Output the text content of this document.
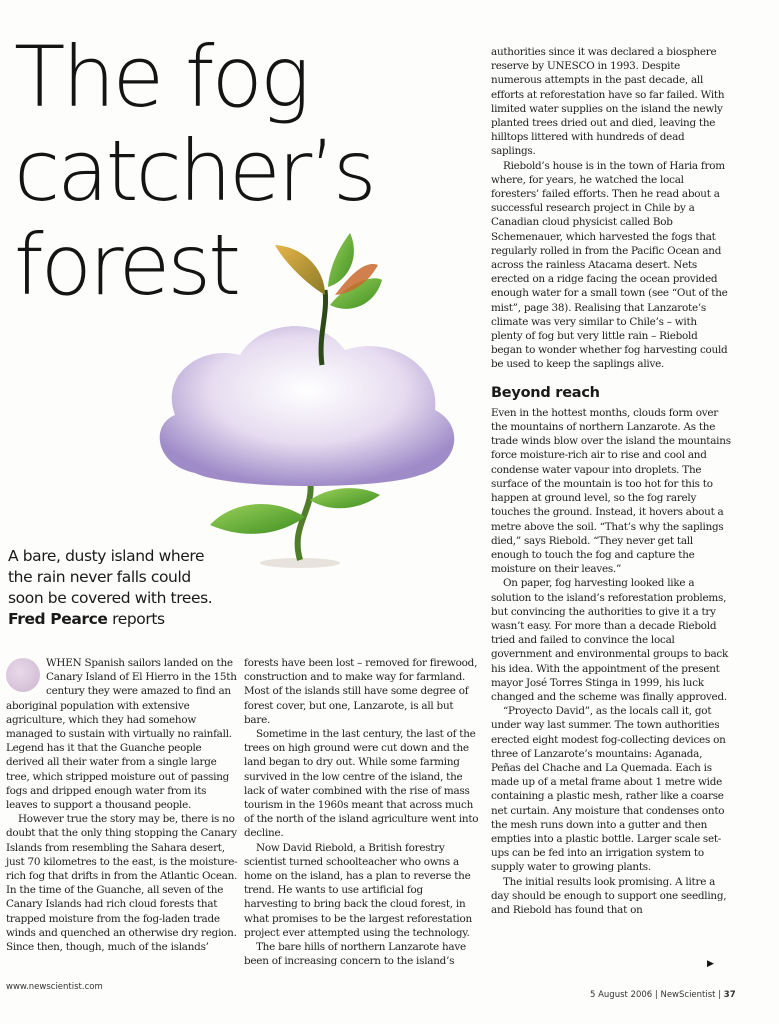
The fog
catcher’s
forest
A bare, dusty island where the rain never falls could soon be covered with trees. Fred Pearce reports

WHEN Spanish sailors landed on the Canary Island of El Hierro in the 15th century they were amazed to find an aboriginal population with extensive agriculture, which they had somehow managed to sustain with virtually no rainfall. Legend has it that the Guanche people derived all their water from a single large tree, which stripped moisture out of passing fogs and dripped enough water from its leaves to support a thousand people.

However true the story may be, there is no doubt that the only thing stopping the Canary Islands from resembling the Sahara desert, just 70 kilometres to the east, is the moisture-rich fog that drifts in from the Atlantic Ocean. In the time of the Guanche, all seven of the Canary Islands had rich cloud forests that trapped moisture from the fog-laden trade winds and quenched an otherwise dry region. Since then, though, much of the islands’

forests have been lost – removed for firewood, construction and to make way for farmland. Most of the islands still have some degree of forest cover, but one, Lanzarote, is all but bare.

Sometime in the last century, the last of the trees on high ground were cut down and the land began to dry out. While some farming survived in the low centre of the island, the lack of water combined with the rise of mass tourism in the 1960s meant that across much of the north of the island agriculture went into decline.

Now David Riebold, a British forestry scientist turned schoolteacher who owns a home on the island, has a plan to reverse the trend. He wants to use artificial fog harvesting to bring back the cloud forest, in what promises to be the largest reforestation project ever attempted using the technology.

The bare hills of northern Lanzarote have been of increasing concern to the island’s

authorities since it was declared a biosphere reserve by UNESCO in 1993. Despite numerous attempts in the past decade, all efforts at reforestation have so far failed. With limited water supplies on the island the newly planted trees dried out and died, leaving the hilltops littered with hundreds of dead saplings.

Riebold’s house is in the town of Haria from where, for years, he watched the local foresters’ failed efforts. Then he read about a successful research project in Chile by a Canadian cloud physicist called Bob Schemenauer, which harvested the fogs that regularly rolled in from the Pacific Ocean and across the rainless Atacama desert. Nets erected on a ridge facing the ocean provided enough water for a small town (see “Out of the mist”, page 38). Realising that Lanzarote’s climate was very similar to Chile’s – with plenty of fog but very little rain – Riebold began to wonder whether fog harvesting could be used to keep the saplings alive.

Beyond reach

Even in the hottest months, clouds form over the mountains of northern Lanzarote. As the trade winds blow over the island the mountains force moisture-rich air to rise and cool and condense water vapour into droplets. The surface of the mountain is too hot for this to happen at ground level, so the fog rarely touches the ground. Instead, it hovers about a metre above the soil. “That’s why the saplings died,” says Riebold. “They never get tall enough to touch the fog and capture the moisture on their leaves.”

On paper, fog harvesting looked like a solution to the island’s reforestation problems, but convincing the authorities to give it a try wasn’t easy. For more than a decade Riebold tried and failed to convince the local government and environmental groups to back his idea. With the appointment of the present mayor José Torres Stinga in 1999, his luck changed and the scheme was finally approved.

“Proyecto David”, as the locals call it, got under way last summer. The town authorities erected eight modest fog-collecting devices on three of Lanzarote’s mountains: Aganada, Peñas del Chache and La Quemada. Each is made up of a metal frame about 1 metre wide containing a plastic mesh, rather like a coarse net curtain. Any moisture that condenses onto the mesh runs down into a gutter and then empties into a plastic bottle. Larger scale set-ups can be fed into an irrigation system to supply water to growing plants.

The initial results look promising. A litre a day should be enough to support one seedling, and Riebold has found that on

▶
www.newscientist.com
5 August 2006 | NewScientist | 37
